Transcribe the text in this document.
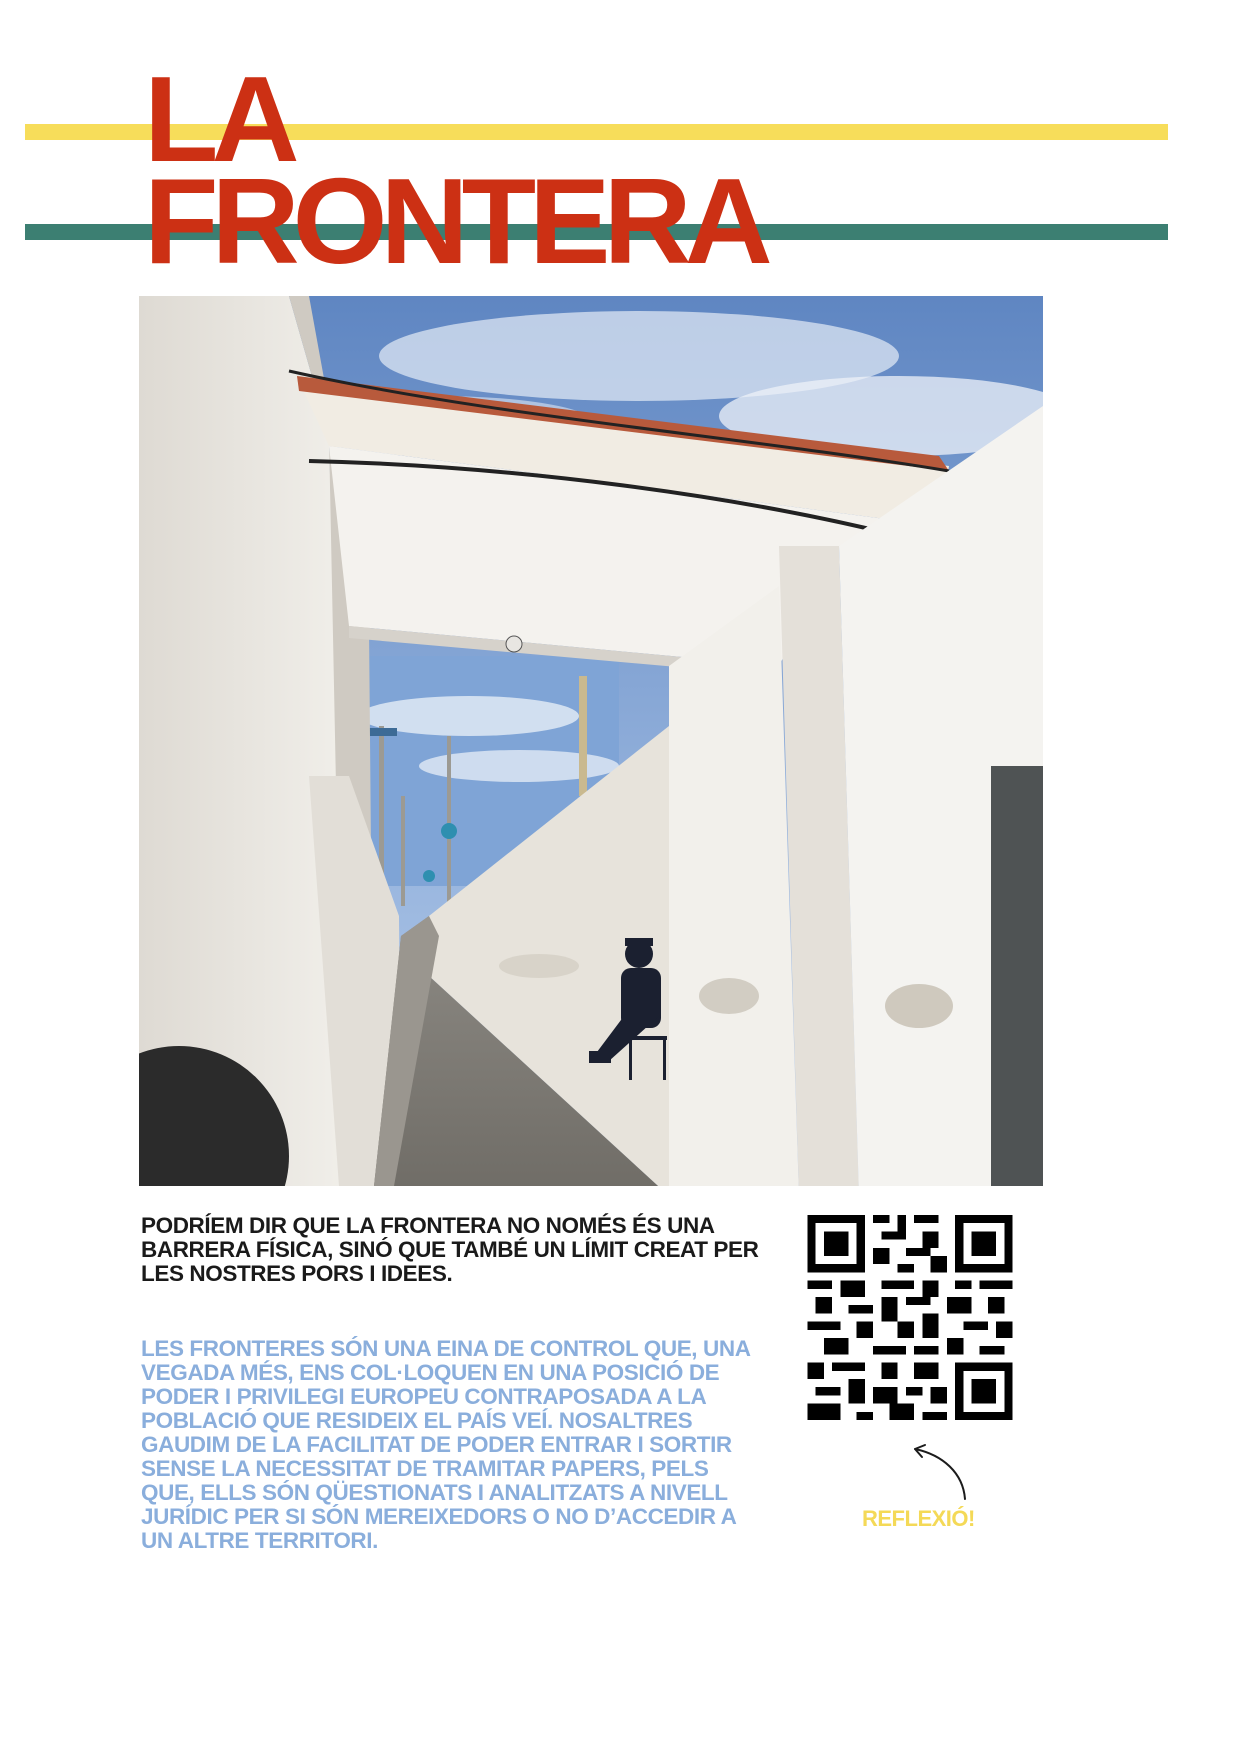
LA
FRONTERA

PODRÍEM DIR QUE LA FRONTERA NO NOMÉS ÉS UNA BARRERA FÍSICA, SINÓ QUE TAMBÉ UN LÍMIT CREAT PER LES NOSTRES PORS I IDEES.

LES FRONTERES SÓN UNA EINA DE CONTROL QUE, UNA VEGADA MÉS, ENS COL·LOQUEN EN UNA POSICIÓ DE PODER I PRIVILEGI EUROPEU CONTRAPOSADA A LA POBLACIÓ QUE RESIDEIX EL PAÍS VEÍ. NOSALTRES GAUDIM DE LA FACILITAT DE PODER ENTRAR I SORTIR SENSE LA NECESSITAT DE TRAMITAR PAPERS, PELS QUE, ELLS SÓN QÜESTIONATS I ANALITZATS A NIVELL JURÍDIC PER SI SÓN MEREIXEDORS O NO D’ACCEDIR A UN ALTRE TERRITORI.

REFLEXIÓ!
